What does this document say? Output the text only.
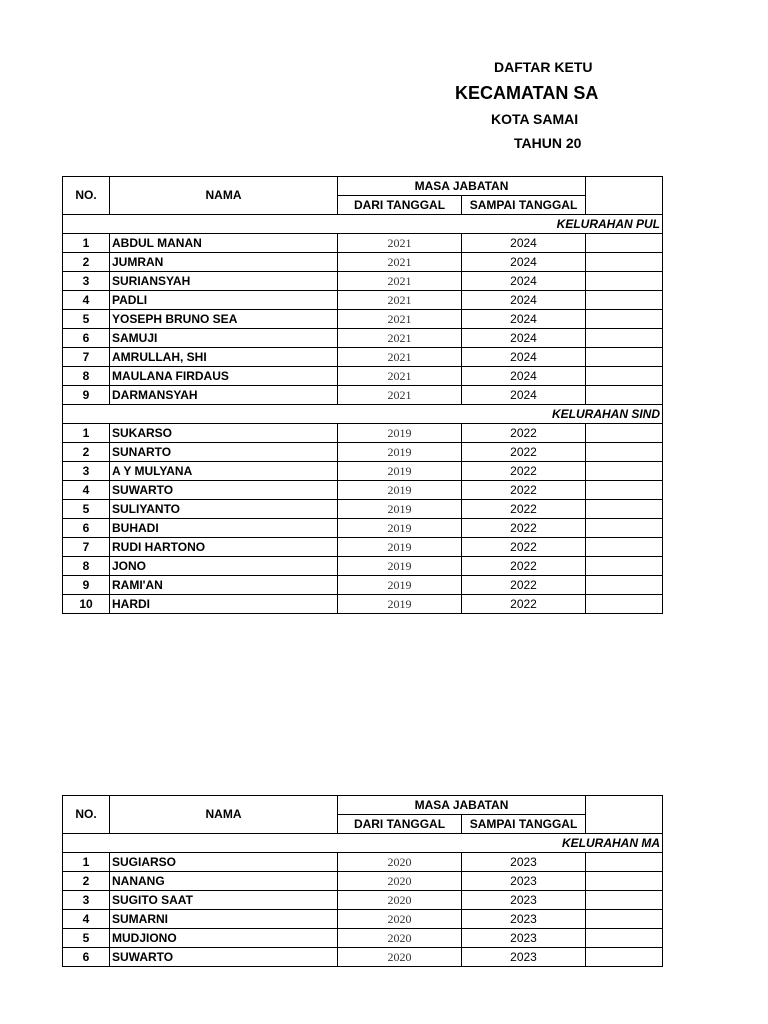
DAFTAR KETU
KECAMATAN SA
KOTA SAMAI
TAHUN 20
NO.	NAMA	MASA JABATAN		
		DARI TANGGAL	SAMPAI TANGGAL	
KELURAHAN PUL				
1	ABDUL MANAN	2021	2024	
2	JUMRAN	2021	2024	
3	SURIANSYAH	2021	2024	
4	PADLI	2021	2024	
5	YOSEPH BRUNO SEA	2021	2024	
6	SAMUJI	2021	2024	
7	AMRULLAH, SHI	2021	2024	
8	MAULANA FIRDAUS	2021	2024	
9	DARMANSYAH	2021	2024	
KELURAHAN SIND				
1	SUKARSO	2019	2022	
2	SUNARTO	2019	2022	
3	A Y MULYANA	2019	2022	
4	SUWARTO	2019	2022	
5	SULIYANTO	2019	2022	
6	BUHADI	2019	2022	
7	RUDI HARTONO	2019	2022	
8	JONO	2019	2022	
9	RAMI'AN	2019	2022	
10	HARDI	2019	2022	
NO.	NAMA	MASA JABATAN		
		DARI TANGGAL	SAMPAI TANGGAL	
KELURAHAN MA				
1	SUGIARSO	2020	2023	
2	NANANG	2020	2023	
3	SUGITO SAAT	2020	2023	
4	SUMARNI	2020	2023	
5	MUDJIONO	2020	2023	
6	SUWARTO	2020	2023	
